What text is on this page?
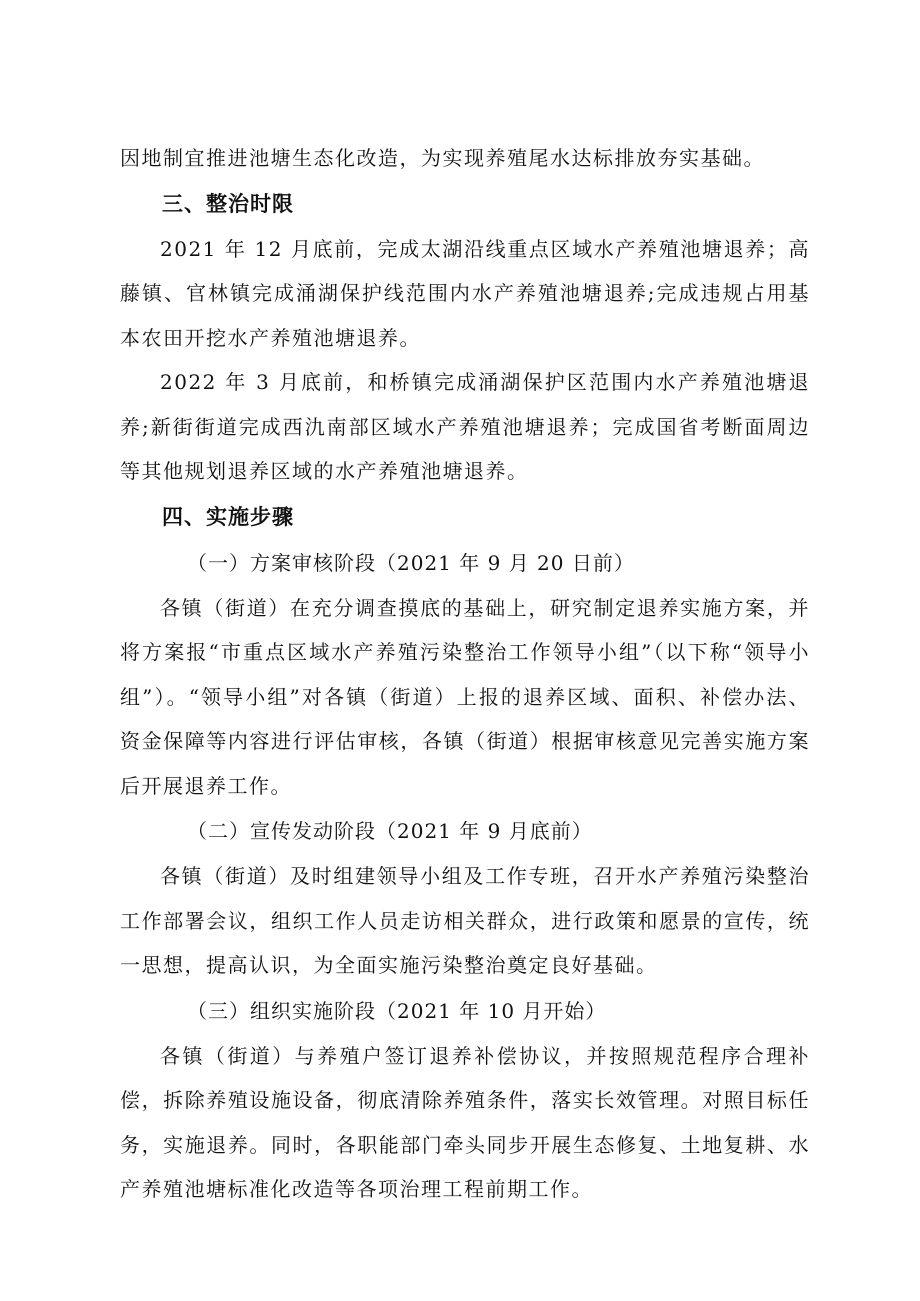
因地制宜推进池塘生态化改造，为实现养殖尾水达标排放夯实基础。

三、整治时限

2021 年 12 月底前，完成太湖沿线重点区域水产养殖池塘退养；高藤镇、官林镇完成涌湖保护线范围内水产养殖池塘退养;完成违规占用基本农田开挖水产养殖池塘退养。

2022 年 3 月底前，和桥镇完成涌湖保护区范围内水产养殖池塘退养;新街街道完成西氿南部区域水产养殖池塘退养；完成国省考断面周边等其他规划退养区域的水产养殖池塘退养。

四、实施步骤

（一）方案审核阶段（2021 年 9 月 20 日前）

各镇（街道）在充分调查摸底的基础上，研究制定退养实施方案，并将方案报“市重点区域水产养殖污染整治工作领导小组”（以下称“领导小组”）。“领导小组”对各镇（街道）上报的退养区域、面积、补偿办法、资金保障等内容进行评估审核，各镇（街道）根据审核意见完善实施方案后开展退养工作。

（二）宣传发动阶段（2021 年 9 月底前）

各镇（街道）及时组建领导小组及工作专班，召开水产养殖污染整治工作部署会议，组织工作人员走访相关群众，进行政策和愿景的宣传，统一思想，提高认识，为全面实施污染整治奠定良好基础。

（三）组织实施阶段（2021 年 10 月开始）

各镇（街道）与养殖户签订退养补偿协议，并按照规范程序合理补偿，拆除养殖设施设备，彻底清除养殖条件，落实长效管理。对照目标任务，实施退养。同时，各职能部门牵头同步开展生态修复、土地复耕、水产养殖池塘标准化改造等各项治理工程前期工作。
